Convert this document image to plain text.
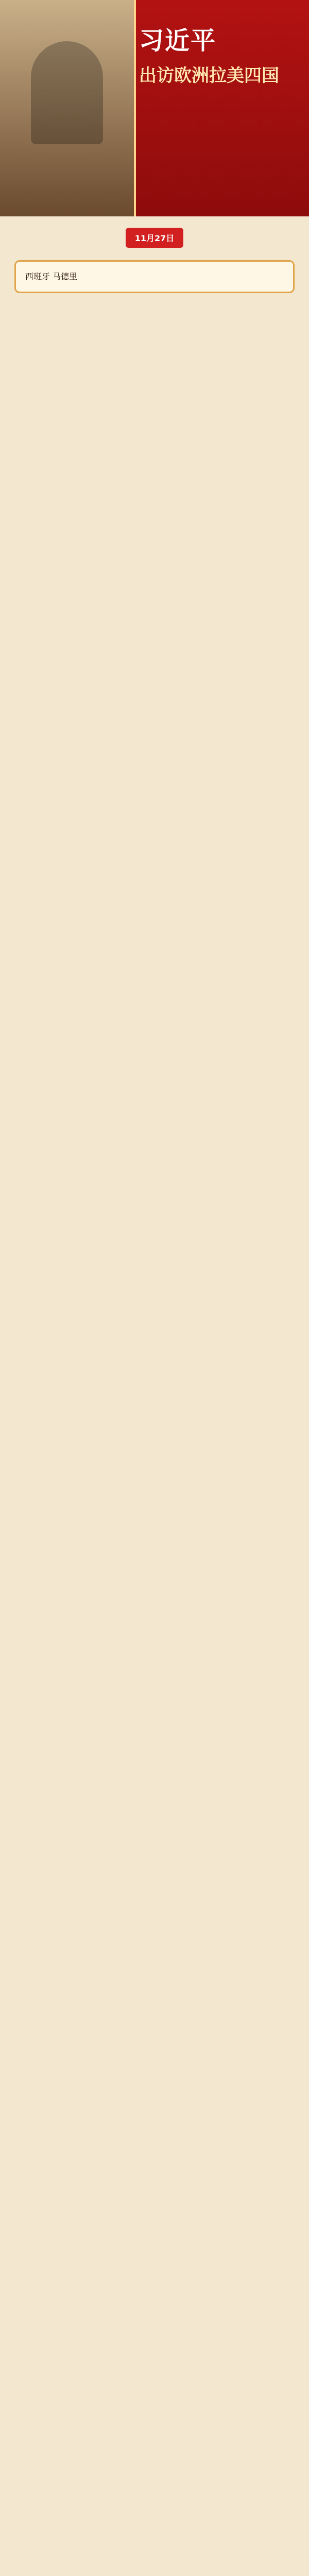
习近平
出访欧洲拉美四国
11月27日
西班牙 马德里
